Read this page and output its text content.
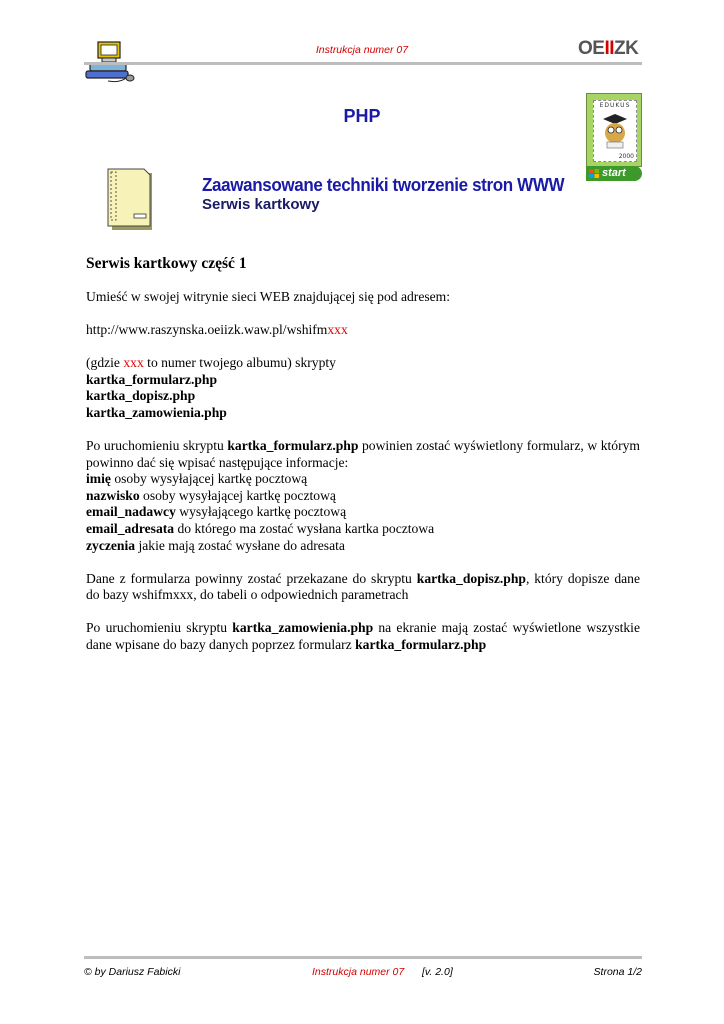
Instrukcja numer 07	OEIIZK
PHP
EDUKUS
2000
start
Zaawansowane techniki tworzenie stron WWW
Serwis kartkowy
Serwis kartkowy część 1

Umieść w swojej witrynie sieci WEB znajdującej się pod adresem:

http://www.raszynska.oeiizk.waw.pl/wshifmxxx

(gdzie xxx to numer twojego albumu) skrypty
kartka_formularz.php
kartka_dopisz.php
kartka_zamowienia.php

Po uruchomieniu skryptu kartka_formularz.php powinien zostać wyświetlony formularz, w którym powinno dać się wpisać następujące informacje:
imię osoby wysyłającej kartkę pocztową
nazwisko osoby wysyłającej kartkę pocztową
email_nadawcy wysyłającego kartkę pocztową
email_adresata do którego ma zostać wysłana kartka pocztowa
zyczenia jakie mają zostać wysłane do adresata

Dane z formularza powinny zostać przekazane do skryptu kartka_dopisz.php, który dopisze dane do bazy wshifmxxx, do tabeli o odpowiednich parametrach

Po uruchomieniu skryptu kartka_zamowienia.php na ekranie mają zostać wyświetlone wszystkie dane wpisane do bazy danych poprzez formularz kartka_formularz.php

© by Dariusz Fabicki	Instrukcja numer 07 [v. 2.0]	Strona 1/2
